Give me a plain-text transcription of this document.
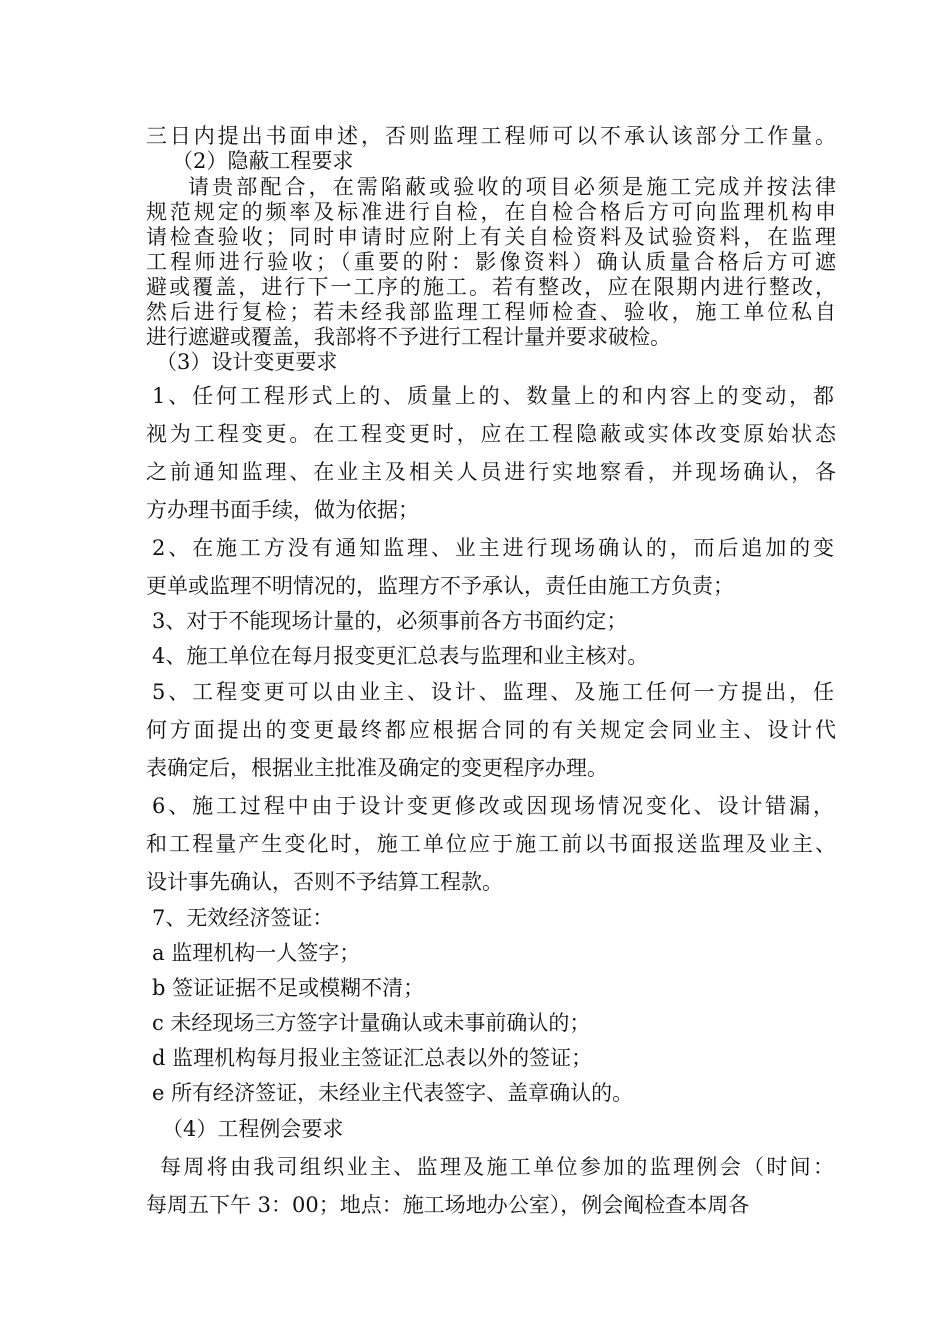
三日内提出书面申述，否则监理工程师可以不承认该部分工作量。
（2）隐蔽工程要求
请贵部配合，在需陷蔽或验收的项目必须是施工完成并按法律
规范规定的频率及标准进行自检，在自检合格后方可向监理机构申
请检查验收；同时申请时应附上有关自检资料及试验资料，在监理
工程师进行验收；（重要的附：影像资料）确认质量合格后方可遮
避或覆盖，进行下一工序的施工。若有整改，应在限期内进行整改，
然后进行复检；若未经我部监理工程师检查、验收，施工单位私自
进行遮避或覆盖，我部将不予进行工程计量并要求破检。
（3）设计变更要求
1、任何工程形式上的、质量上的、数量上的和内容上的变动，都
视为工程变更。在工程变更时，应在工程隐蔽或实体改变原始状态
之前通知监理、在业主及相关人员进行实地察看，并现场确认，各
方办理书面手续，做为依据；
2、在施工方没有通知监理、业主进行现场确认的，而后追加的变
更单或监理不明情况的，监理方不予承认，责任由施工方负责；
3、对于不能现场计量的，必须事前各方书面约定；
4、施工单位在每月报变更汇总表与监理和业主核对。
5、工程变更可以由业主、设计、监理、及施工任何一方提出，任
何方面提出的变更最终都应根据合同的有关规定会同业主、设计代
表确定后，根据业主批准及确定的变更程序办理。
6、施工过程中由于设计变更修改或因现场情况变化、设计错漏，
和工程量产生变化时，施工单位应于施工前以书面报送监理及业主、
设计事先确认，否则不予结算工程款。
7、无效经济签证：
a 监理机构一人签字；
b 签证证据不足或模糊不清；
c 未经现场三方签字计量确认或未事前确认的；
d 监理机构每月报业主签证汇总表以外的签证；
e 所有经济签证，未经业主代表签字、盖章确认的。
（4）工程例会要求
每周将由我司组织业主、监理及施工单位参加的监理例会（时间：
每周五下午 3：00；地点：施工场地办公室），例会阄检查本周各
